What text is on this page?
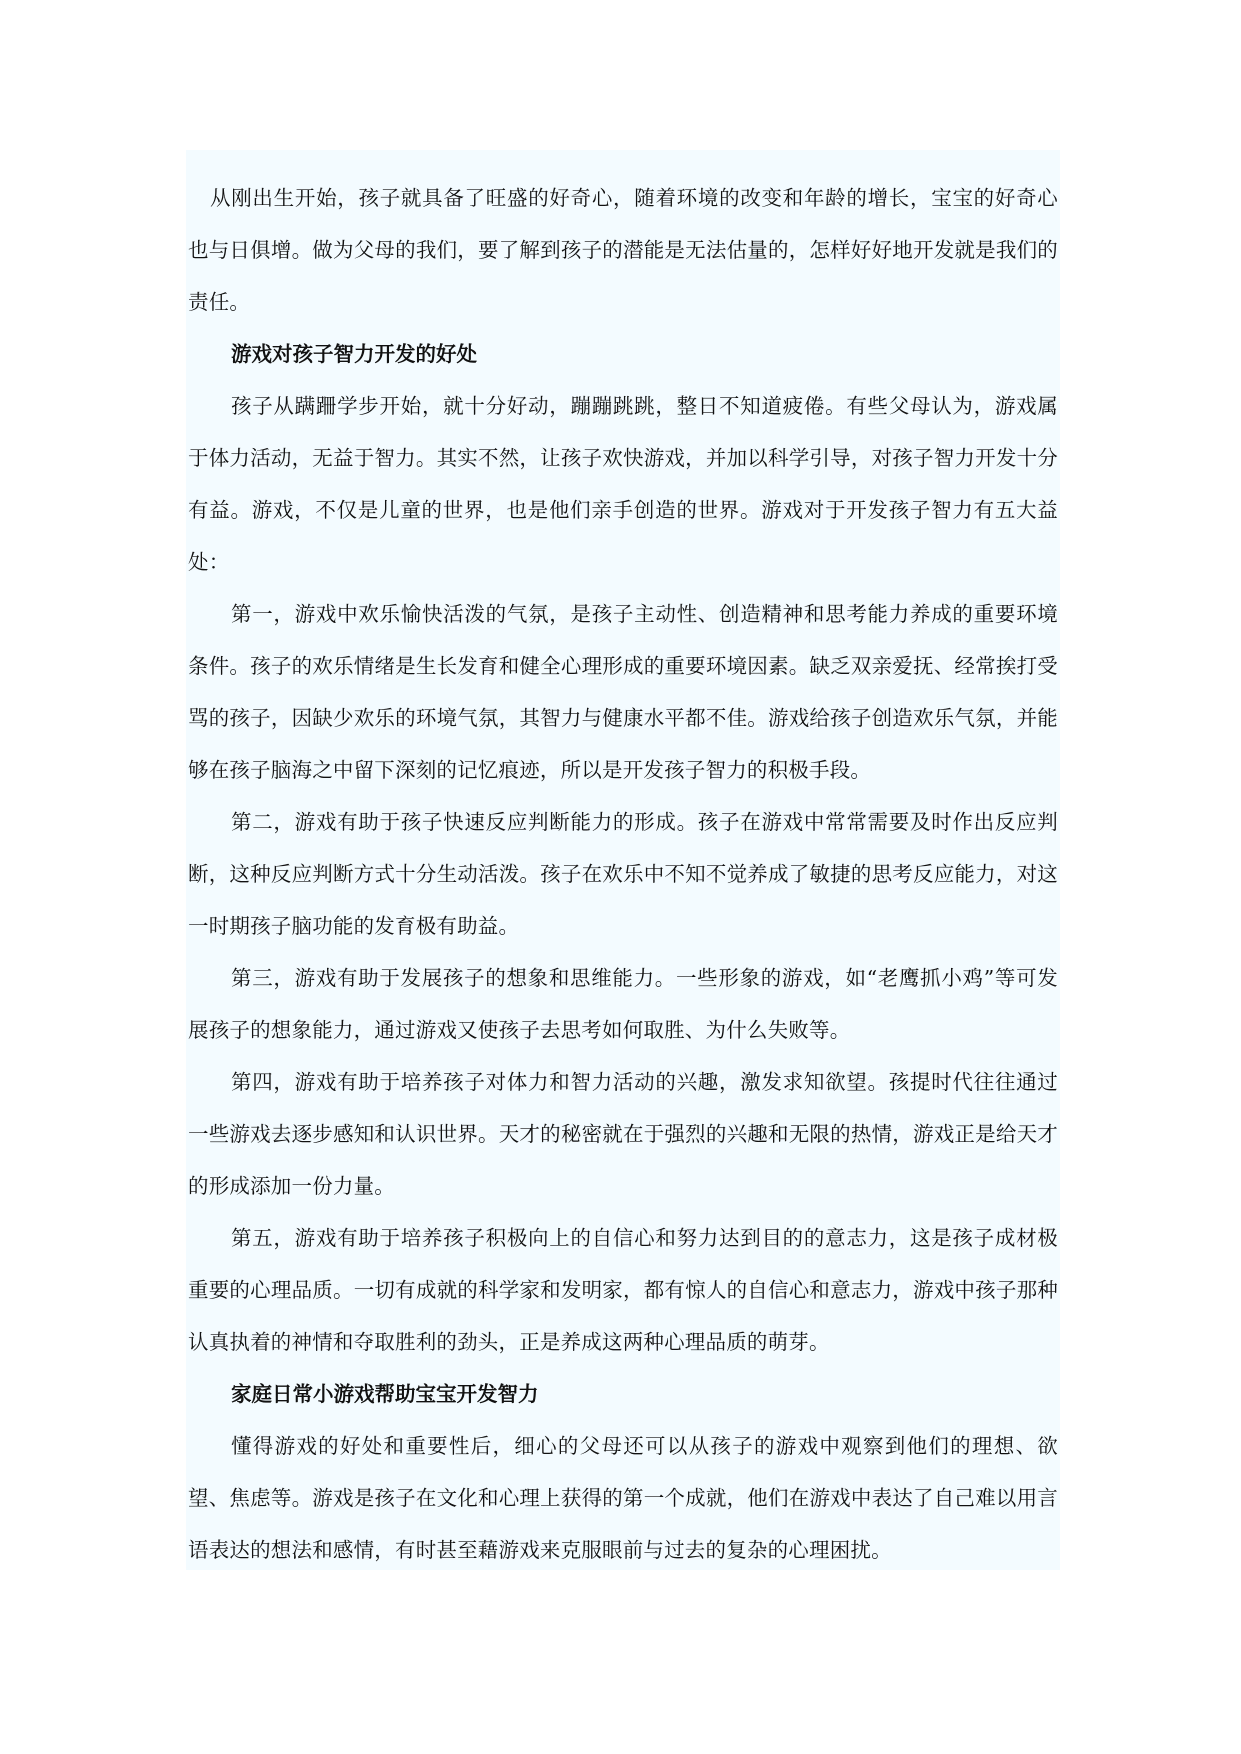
从刚出生开始，孩子就具备了旺盛的好奇心，随着环境的改变和年龄的增长，宝宝的好奇心也与日俱增。做为父母的我们，要了解到孩子的潜能是无法估量的，怎样好好地开发就是我们的责任。

游戏对孩子智力开发的好处

孩子从蹒跚学步开始，就十分好动，蹦蹦跳跳，整日不知道疲倦。有些父母认为，游戏属于体力活动，无益于智力。其实不然，让孩子欢快游戏，并加以科学引导，对孩子智力开发十分有益。游戏，不仅是儿童的世界，也是他们亲手创造的世界。游戏对于开发孩子智力有五大益处：

第一，游戏中欢乐愉快活泼的气氛，是孩子主动性、创造精神和思考能力养成的重要环境条件。孩子的欢乐情绪是生长发育和健全心理形成的重要环境因素。缺乏双亲爱抚、经常挨打受骂的孩子，因缺少欢乐的环境气氛，其智力与健康水平都不佳。游戏给孩子创造欢乐气氛，并能够在孩子脑海之中留下深刻的记忆痕迹，所以是开发孩子智力的积极手段。

第二，游戏有助于孩子快速反应判断能力的形成。孩子在游戏中常常需要及时作出反应判断，这种反应判断方式十分生动活泼。孩子在欢乐中不知不觉养成了敏捷的思考反应能力，对这一时期孩子脑功能的发育极有助益。

第三，游戏有助于发展孩子的想象和思维能力。一些形象的游戏，如“老鹰抓小鸡”等可发展孩子的想象能力，通过游戏又使孩子去思考如何取胜、为什么失败等。

第四，游戏有助于培养孩子对体力和智力活动的兴趣，激发求知欲望。孩提时代往往通过一些游戏去逐步感知和认识世界。天才的秘密就在于强烈的兴趣和无限的热情，游戏正是给天才的形成添加一份力量。

第五，游戏有助于培养孩子积极向上的自信心和努力达到目的的意志力，这是孩子成材极重要的心理品质。一切有成就的科学家和发明家，都有惊人的自信心和意志力，游戏中孩子那种认真执着的神情和夺取胜利的劲头，正是养成这两种心理品质的萌芽。

家庭日常小游戏帮助宝宝开发智力

懂得游戏的好处和重要性后，细心的父母还可以从孩子的游戏中观察到他们的理想、欲望、焦虑等。游戏是孩子在文化和心理上获得的第一个成就，他们在游戏中表达了自己难以用言语表达的想法和感情，有时甚至藉游戏来克服眼前与过去的复杂的心理困扰。
